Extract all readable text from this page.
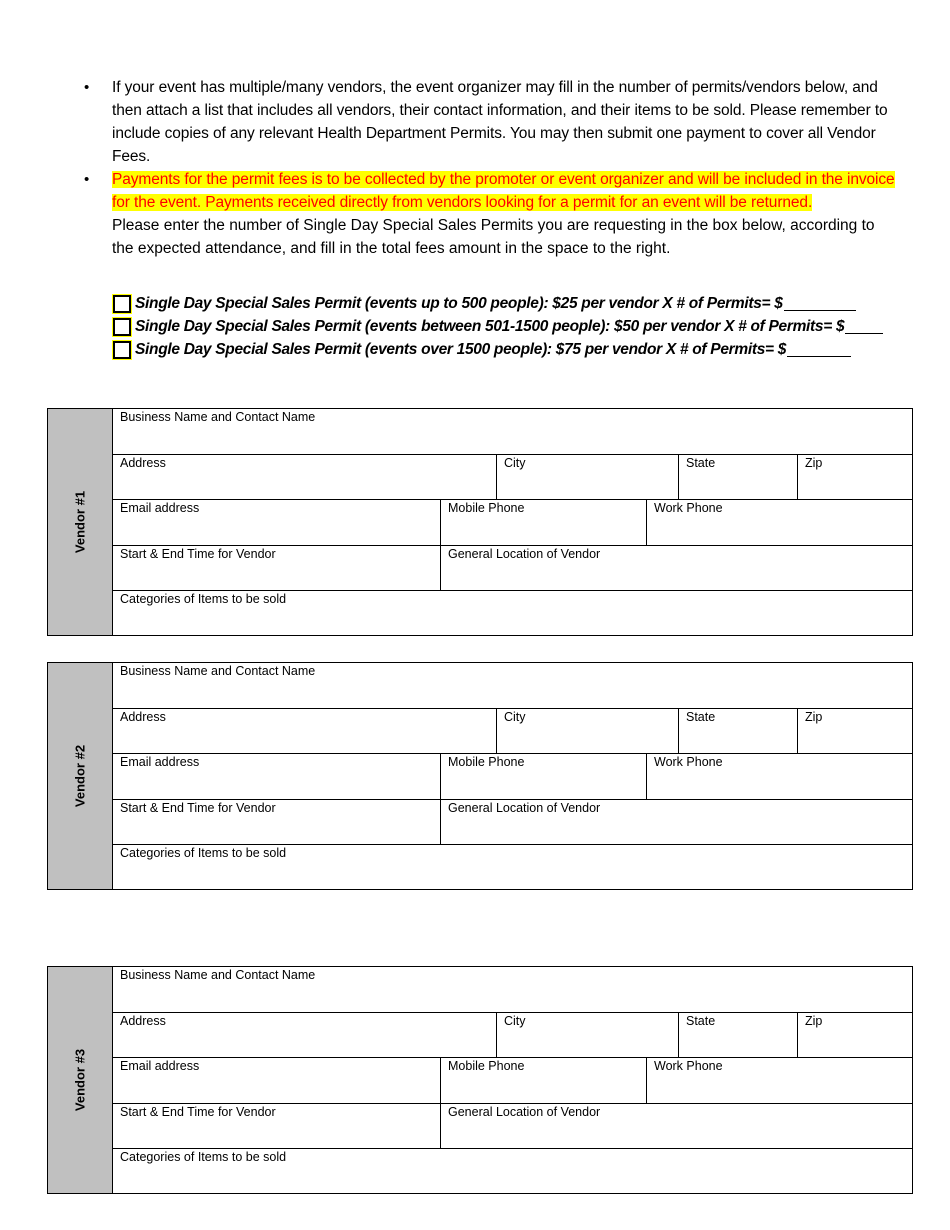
• If your event has multiple/many vendors, the event organizer may fill in the number of permits/vendors below, and then attach a list that includes all vendors, their contact information, and their items to be sold. Please remember to include copies of any relevant Health Department Permits. You may then submit one payment to cover all Vendor Fees.
• Payments for the permit fees is to be collected by the promoter or event organizer and will be included in the invoice for the event. Payments received directly from vendors looking for a permit for an event will be returned.
Please enter the number of Single Day Special Sales Permits you are requesting in the box below, according to the expected attendance, and fill in the total fees amount in the space to the right.
Single Day Special Sales Permit (events up to 500 people): $25 per vendor X # of Permits= $
Single Day Special Sales Permit (events between 501-1500 people): $50 per vendor X # of Permits= $
Single Day Special Sales Permit (events over 1500 people): $75 per vendor X # of Permits= $
Vendor #1
Business Name and Contact Name
Address	City	State	Zip
Email address	Mobile Phone	Work Phone
Start & End Time for Vendor	General Location of Vendor
Categories of Items to be sold
Vendor #2
Business Name and Contact Name
Address	City	State	Zip
Email address	Mobile Phone	Work Phone
Start & End Time for Vendor	General Location of Vendor
Categories of Items to be sold
Vendor #3
Business Name and Contact Name
Address	City	State	Zip
Email address	Mobile Phone	Work Phone
Start & End Time for Vendor	General Location of Vendor
Categories of Items to be sold
